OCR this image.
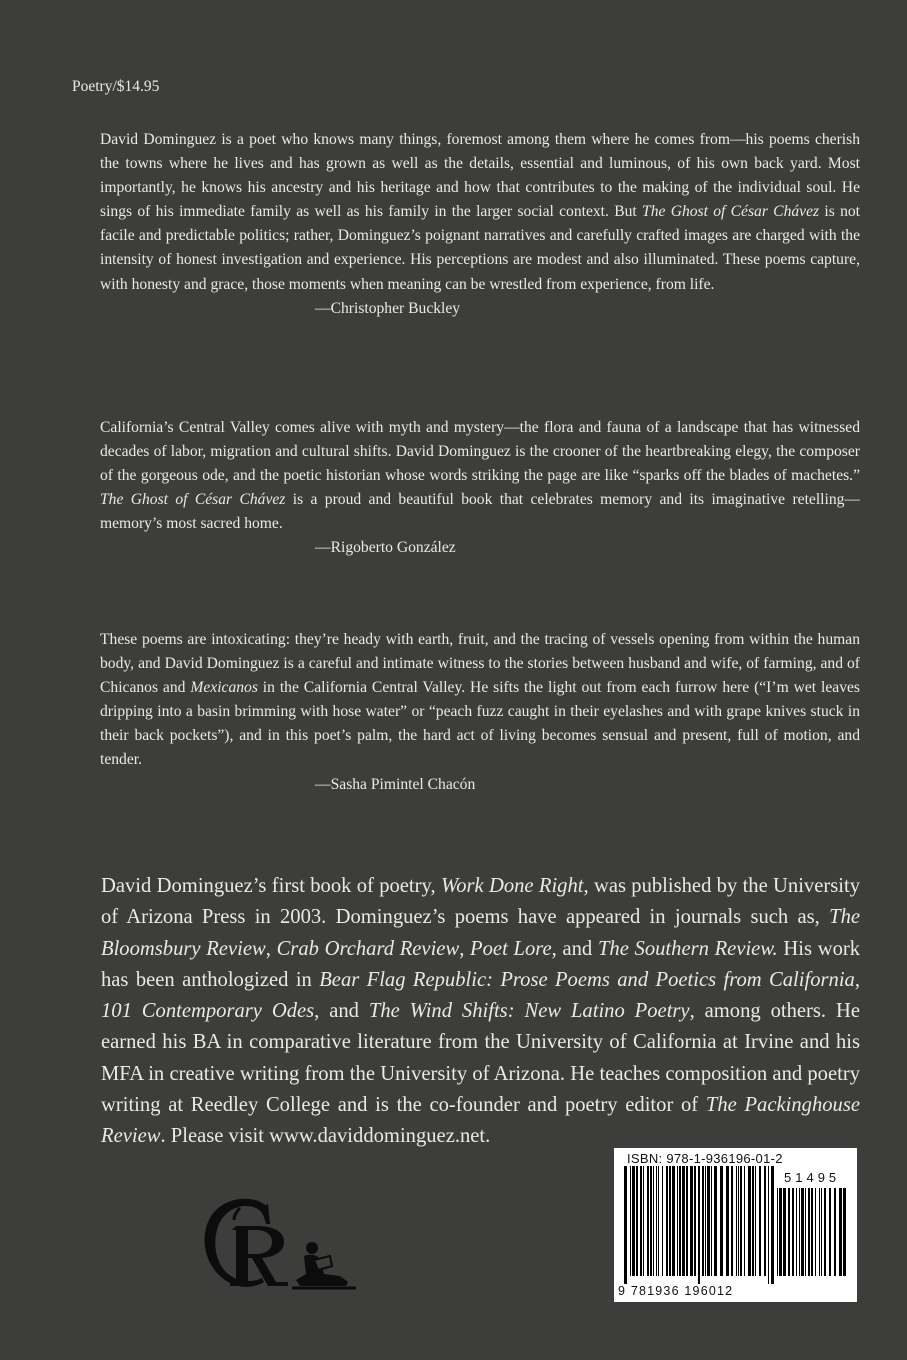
Poetry/$14.95

David Dominguez is a poet who knows many things, foremost among them where he comes from—his poems cherish the towns where he lives and has grown as well as the details, essential and luminous, of his own back yard. Most importantly, he knows his ancestry and his heritage and how that contributes to the making of the individual soul. He sings of his immediate family as well as his family in the larger social context. But The Ghost of César Chávez is not facile and predictable politics; rather, Dominguez’s poignant narratives and carefully crafted images are charged with the intensity of honest investigation and experience. His perceptions are modest and also illuminated. These poems capture, with honesty and grace, those moments when meaning can be wrestled from experience, from life.

—Christopher Buckley

California’s Central Valley comes alive with myth and mystery—the flora and fauna of a landscape that has witnessed decades of labor, migration and cultural shifts. David Dominguez is the crooner of the heartbreaking elegy, the composer of the gorgeous ode, and the poetic historian whose words striking the page are like “sparks off the blades of machetes.” The Ghost of César Chávez is a proud and beautiful book that celebrates memory and its imaginative retelling—memory’s most sacred home.

—Rigoberto González

These poems are intoxicating: they’re heady with earth, fruit, and the tracing of vessels opening from within the human body, and David Dominguez is a careful and intimate witness to the stories between husband and wife, of farming, and of Chicanos and Mexicanos in the California Central Valley. He sifts the light out from each furrow here (“I’m wet leaves dripping into a basin brimming with hose water” or “peach fuzz caught in their eyelashes and with grape knives stuck in their back pockets”), and in this poet’s palm, the hard act of living becomes sensual and present, full of motion, and tender.

—Sasha Pimintel Chacón

David Dominguez’s first book of poetry, Work Done Right, was published by the University of Arizona Press in 2003. Dominguez’s poems have appeared in journals such as, The Bloomsbury Review, Crab Orchard Review, Poet Lore, and The Southern Review. His work has been anthologized in Bear Flag Republic: Prose Poems and Poetics from California, 101 Contemporary Odes, and The Wind Shifts: New Latino Poetry, among others. He earned his BA in comparative literature from the University of California at Irvine and his MFA in creative writing from the University of Arizona. He teaches composition and poetry writing at Reedley College and is the co-founder and poetry editor of The Packinghouse Review. Please visit www.daviddominguez.net.

ISBN: 978-1-936196-01-2
51495
9 781936 196012
